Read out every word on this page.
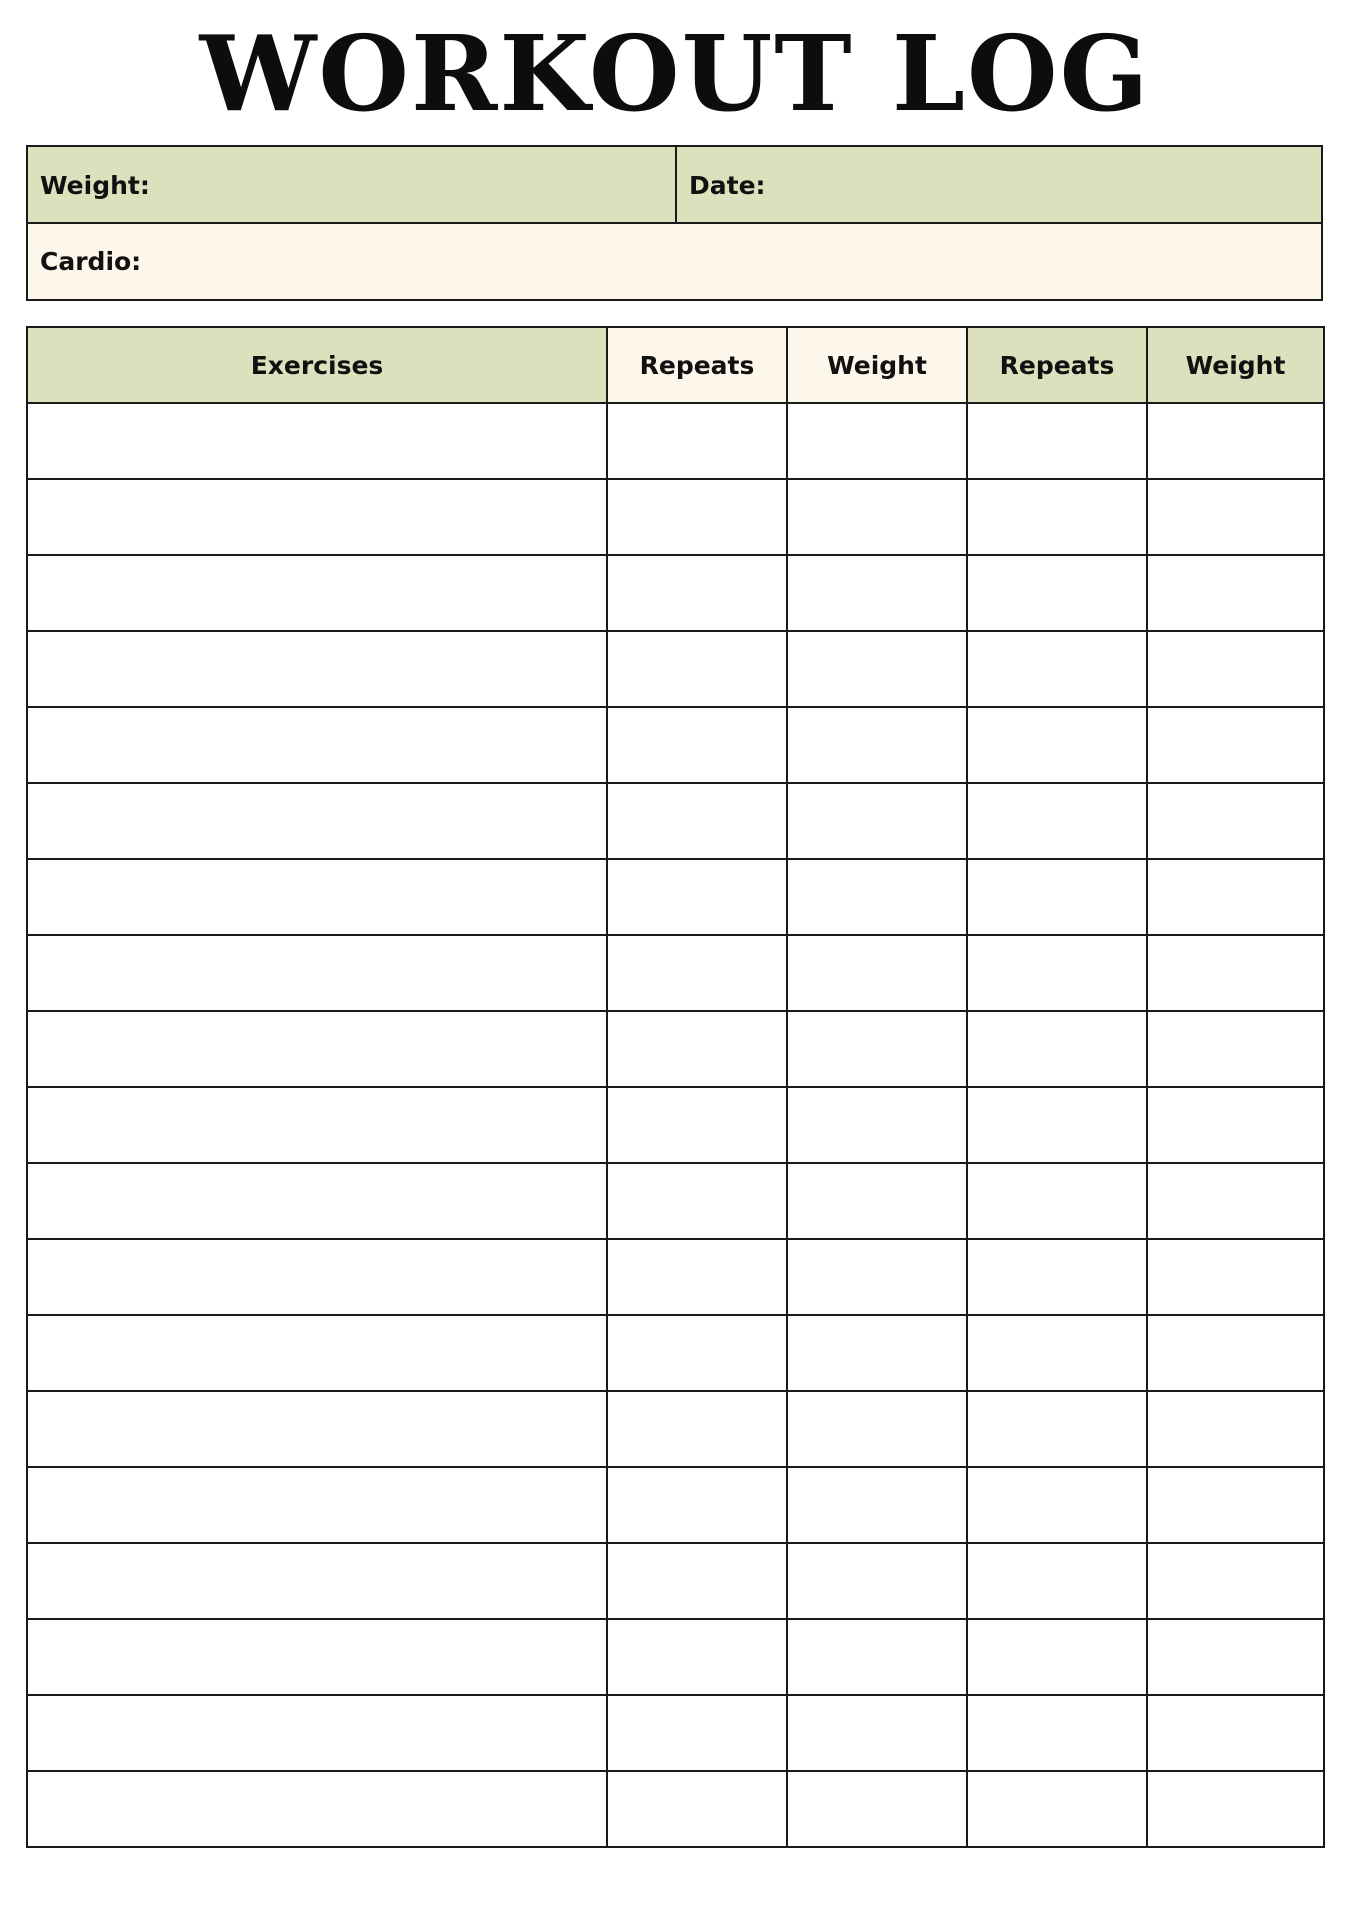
WORKOUT LOG
Weight:	Date:
Cardio:
Exercises	Repeats	Weight	Repeats	Weight
